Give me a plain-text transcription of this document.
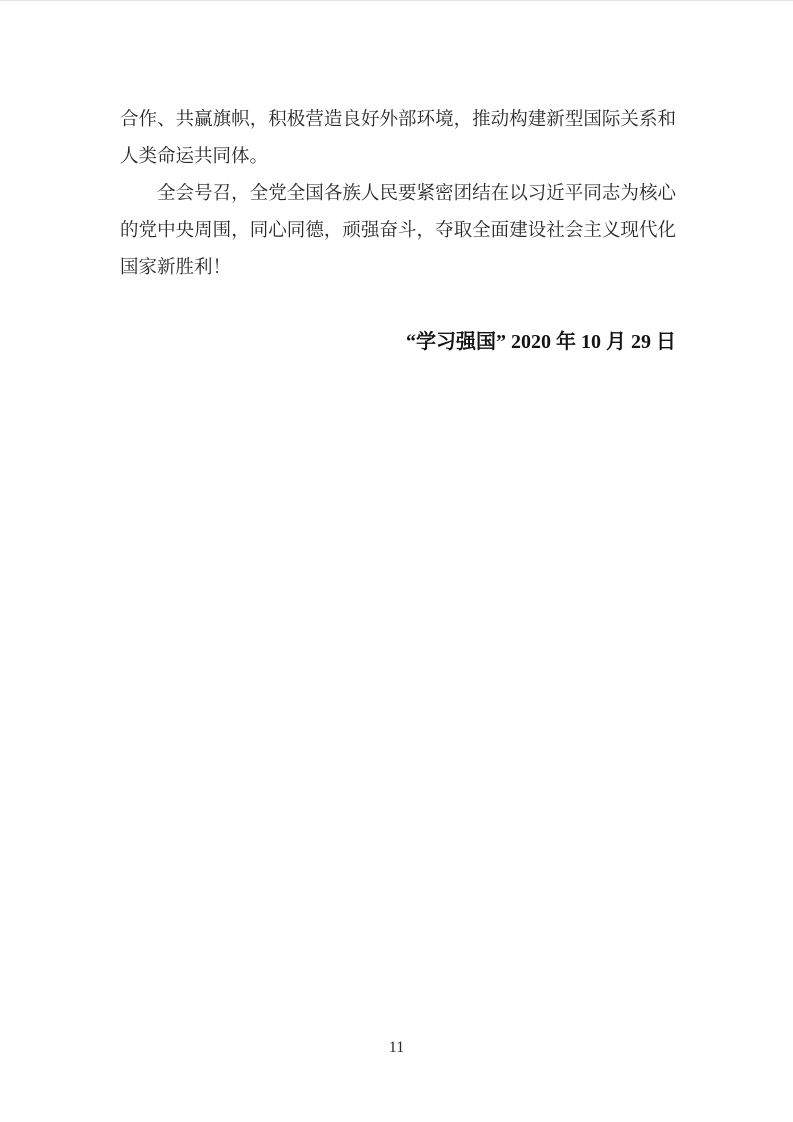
合作、共赢旗帜，积极营造良好外部环境，推动构建新型国际关系和人类命运共同体。

全会号召，全党全国各族人民要紧密团结在以习近平同志为核心的党中央周围，同心同德，顽强奋斗，夺取全面建设社会主义现代化国家新胜利！

“学习强国” 2020 年 10 月 29 日

11
